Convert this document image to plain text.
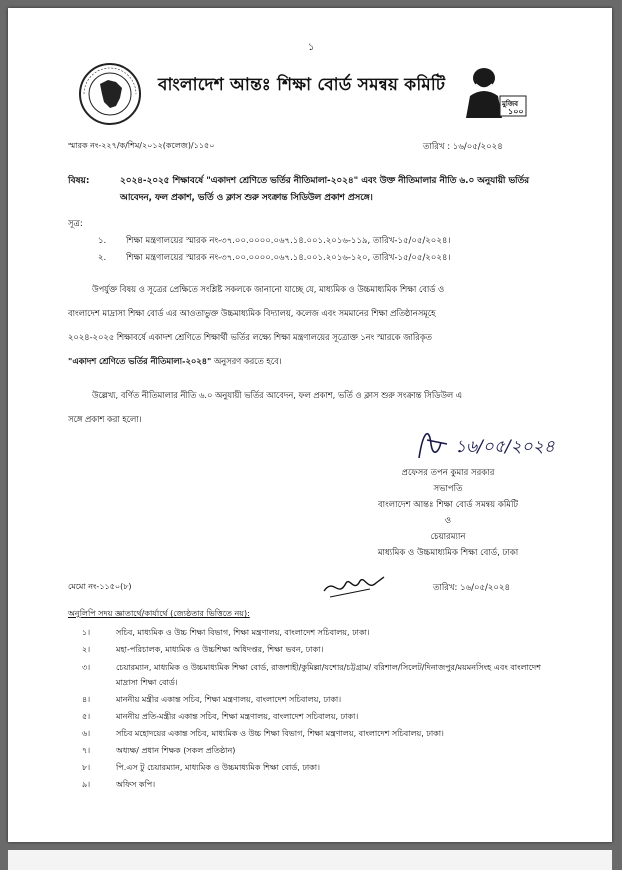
১
বাংলাদেশ আন্তঃ শিক্ষা বোর্ড সমন্বয় কমিটি
মুজিব
১০০
স্মারক নং-২২৭/ক/শিম/২০১২(কলেজ)/১১৫০	তারিখ : ১৬/০৫/২০২৪
বিষয়:	২০২৪-২০২৫ শিক্ষাবর্ষে "একাদশ শ্রেণিতে ভর্তির নীতিমালা-২০২৪" এবং উক্ত নীতিমালার নীতি ৬.০ অনুযায়ী ভর্তির আবেদন, ফল প্রকাশ, ভর্তি ও ক্লাস শুরু সংক্রান্ত সিডিউল প্রকাশ প্রসঙ্গে।
সূত্র:
১. শিক্ষা মন্ত্রণালয়ের স্মারক নং-৩৭.০০.০০০০.০৬৭.১৪.০০১.২০১৬-১১৯, তারিখ-১৫/০৫/২০২৪।
২. শিক্ষা মন্ত্রণালয়ের স্মারক নং-৩৭.০০.০০০০.০৬৭.১৪.০০১.২০১৬-১২০, তারিখ-১৫/০৫/২০২৪।
উপর্যুক্ত বিষয় ও সূত্রের প্রেক্ষিতে সংশ্লিষ্ট সকলকে জানানো যাচ্ছে যে, মাধ্যমিক ও উচ্চমাধ্যমিক শিক্ষা বোর্ড ও
বাংলাদেশ মাদ্রাসা শিক্ষা বোর্ড এর আওতাভুক্ত উচ্চমাধ্যমিক বিদ্যালয়, কলেজ এবং সমমানের শিক্ষা প্রতিষ্ঠানসমূহে
২০২৪-২০২৫ শিক্ষাবর্ষে একাদশ শ্রেণিতে শিক্ষার্থী ভর্তির লক্ষ্যে শিক্ষা মন্ত্রণালয়ের সূত্রোক্ত ১নং স্মারকে জারিকৃত
"একাদশ শ্রেণিতে ভর্তির নীতিমালা-২০২৪" অনুসরণ করতে হবে।
উল্লেখ্য, বর্ণিত নীতিমালার নীতি ৬.০ অনুযায়ী ভর্তির আবেদন, ফল প্রকাশ, ভর্তি ও ক্লাস শুরু সংক্রান্ত সিডিউল এ
সঙ্গে প্রকাশ করা হলো।
১৬/০৫/২০২৪
প্রফেসর তপন কুমার সরকার
সভাপতি
বাংলাদেশ আন্তঃ শিক্ষা বোর্ড সমন্বয় কমিটি
ও
চেয়ারম্যান
মাধ্যমিক ও উচ্চমাধ্যমিক শিক্ষা বোর্ড, ঢাকা
মেমো নং-১১৫০(৮)	তারিখ: ১৬/০৫/২০২৪
অনুলিপি সদয় জ্ঞাতার্থে/কার্যার্থে (জ্যেষ্ঠতার ভিত্তিতে নয়):
১।	সচিব, মাধ্যমিক ও উচ্চ শিক্ষা বিভাগ, শিক্ষা মন্ত্রণালয়, বাংলাদেশ সচিবালয়, ঢাকা।
২।	মহা-পরিচালক, মাধ্যমিক ও উচ্চশিক্ষা অধিদপ্তর, শিক্ষা ভবন, ঢাকা।
৩।	চেয়ারম্যান, মাধ্যমিক ও উচ্চমাধ্যমিক শিক্ষা বোর্ড, রাজশাহী/কুমিল্লা/যশোর/চট্টগ্রাম/ বরিশাল/সিলেট/দিনাজপুর/ময়মনসিংহ এবং বাংলাদেশ মাদ্রাসা শিক্ষা বোর্ড।
৪।	মাননীয় মন্ত্রীর একান্ত সচিব, শিক্ষা মন্ত্রণালয়, বাংলাদেশ সচিবালয়, ঢাকা।
৫।	মাননীয় প্রতি-মন্ত্রীর একান্ত সচিব, শিক্ষা মন্ত্রণালয়, বাংলাদেশ সচিবালয়, ঢাকা।
৬।	সচিব মহোদয়ের একান্ত সচিব, মাধ্যমিক ও উচ্চ শিক্ষা বিভাগ, শিক্ষা মন্ত্রণালয়, বাংলাদেশ সচিবালয়, ঢাকা।
৭।	অধ্যক্ষ/ প্রধান শিক্ষক (সকল প্রতিষ্ঠান)
৮।	পি.এস টু চেয়ারম্যান, মাধ্যমিক ও উচ্চমাধ্যমিক শিক্ষা বোর্ড, ঢাকা।
৯।	অফিস কপি।
